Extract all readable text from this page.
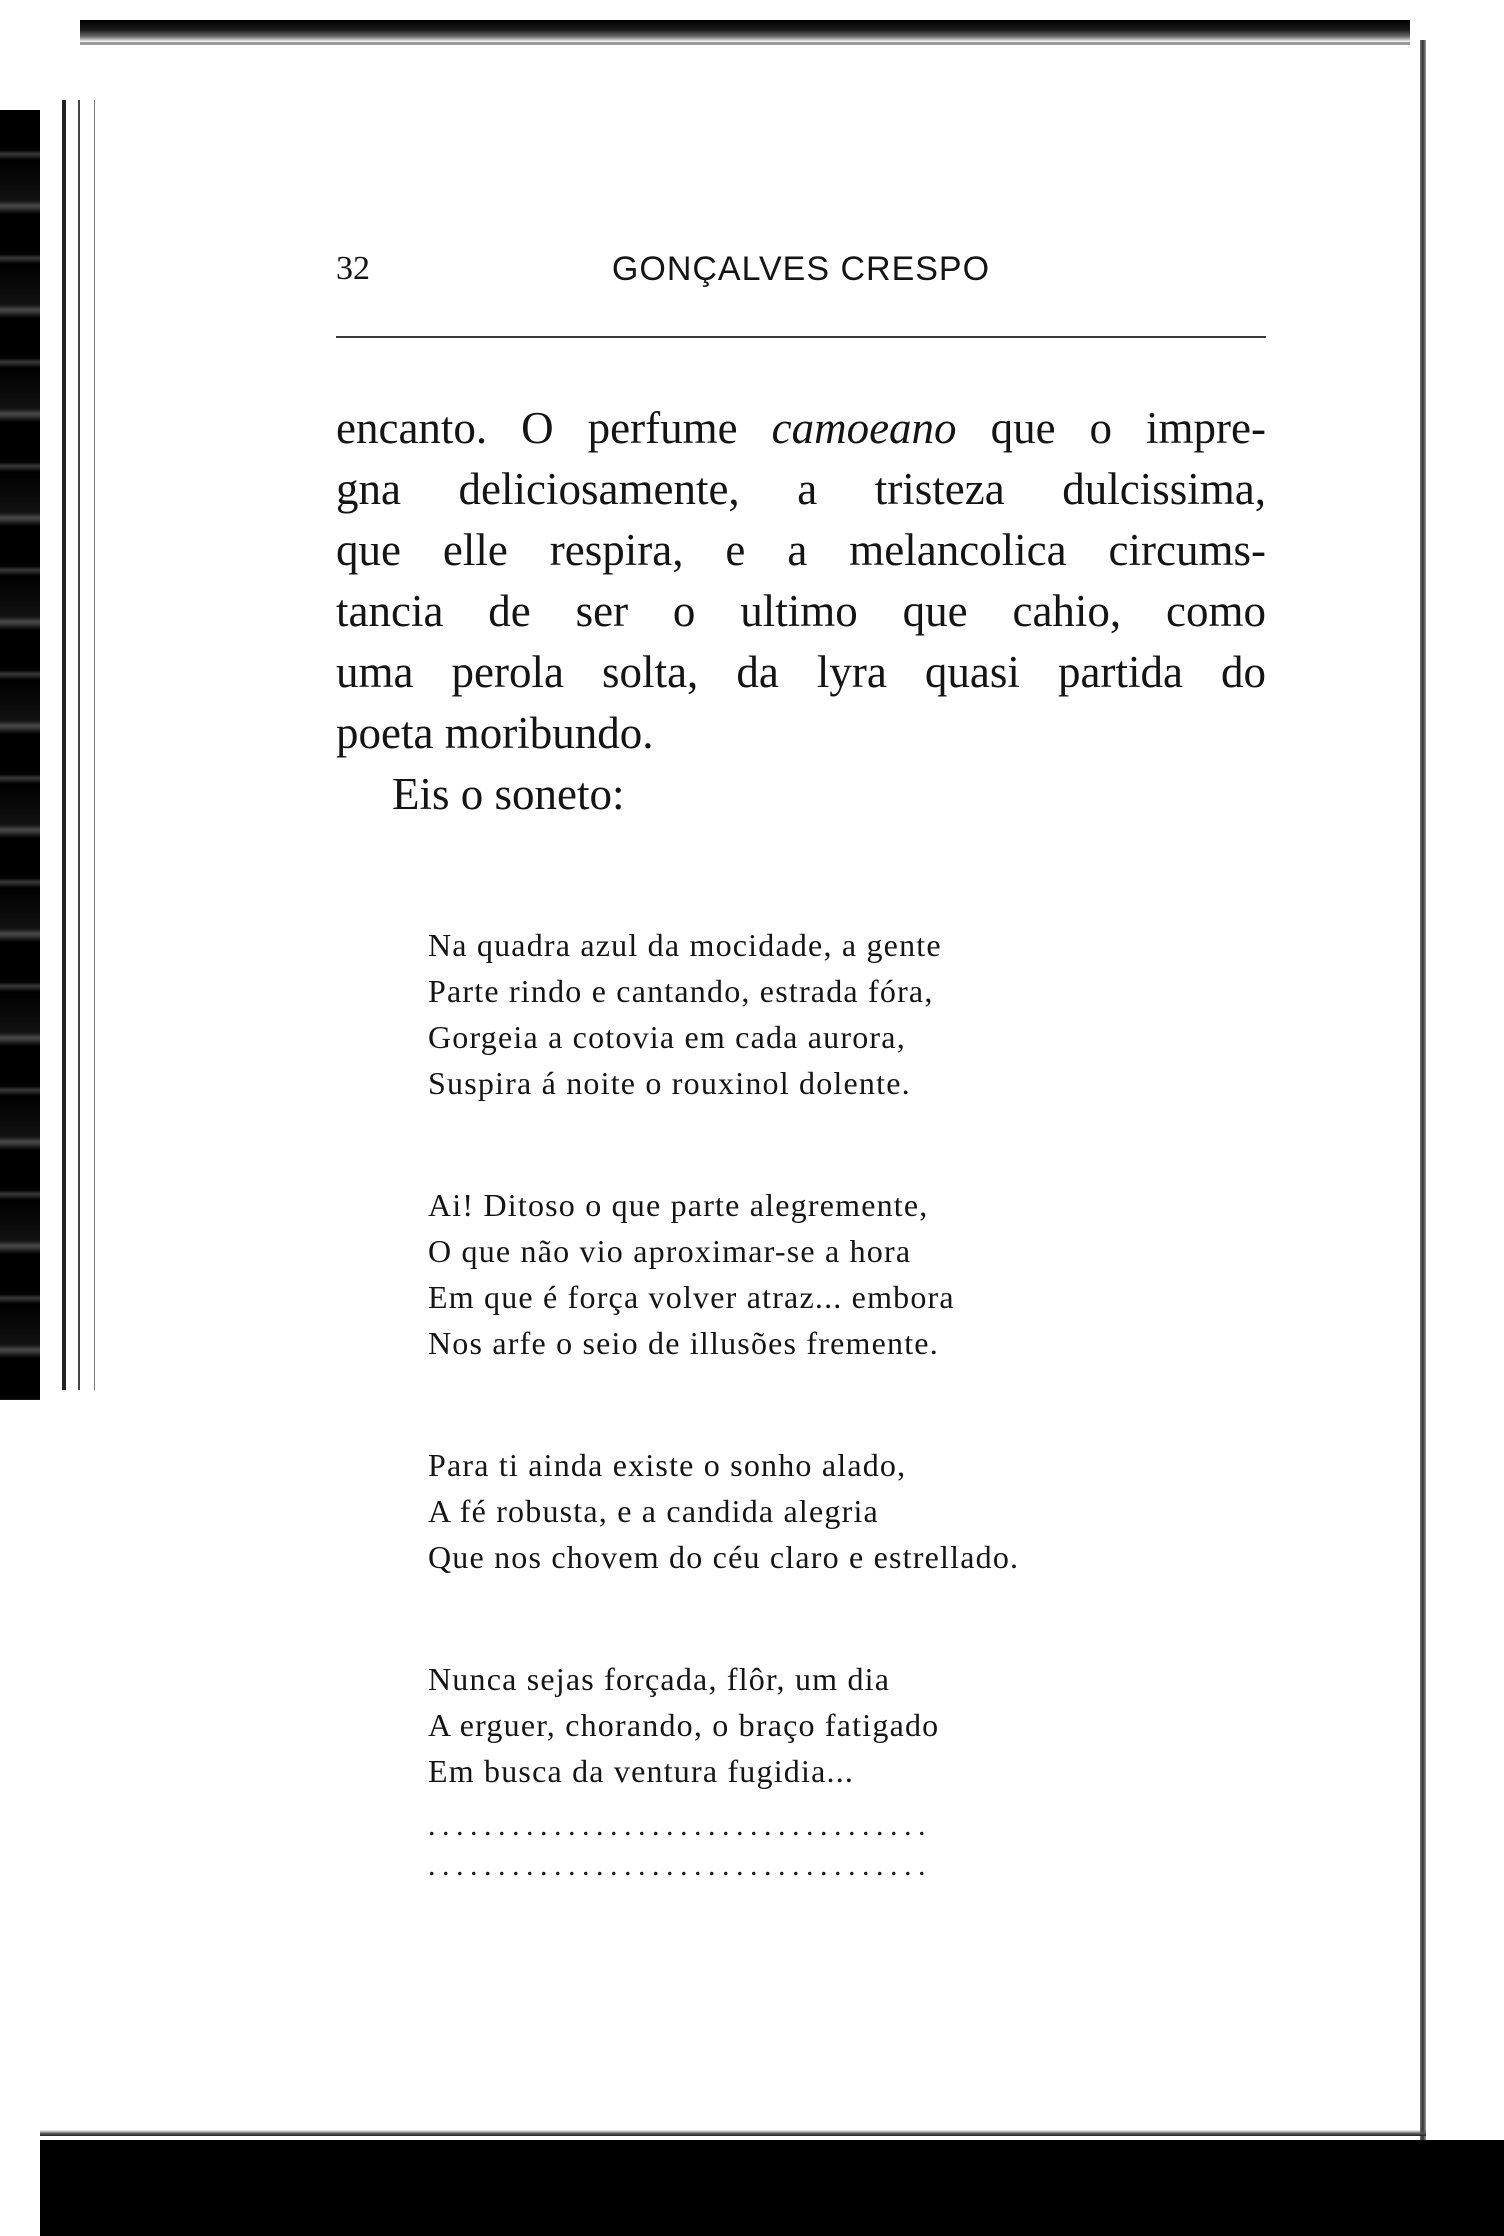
32	GONÇALVES CRESPO
encanto. O perfume camoeano que o impre-
gna deliciosamente, a tristeza dulcissima,
que elle respira, e a melancolica circums-
tancia de ser o ultimo que cahio, como
uma perola solta, da lyra quasi partida do
poeta moribundo.
Eis o soneto:
Na quadra azul da mocidade, a gente
Parte rindo e cantando, estrada fóra,
Gorgeia a cotovia em cada aurora,
Suspira á noite o rouxinol dolente.
Ai! Ditoso o que parte alegremente,
O que não vio aproximar-se a hora
Em que é força volver atraz... embora
Nos arfe o seio de illusões fremente.
Para ti ainda existe o sonho alado,
A fé robusta, e a candida alegria
Que nos chovem do céu claro e estrellado.
Nunca sejas forçada, flôr, um dia
A erguer, chorando, o braço fatigado
Em busca da ventura fugidia...
....................................
....................................
